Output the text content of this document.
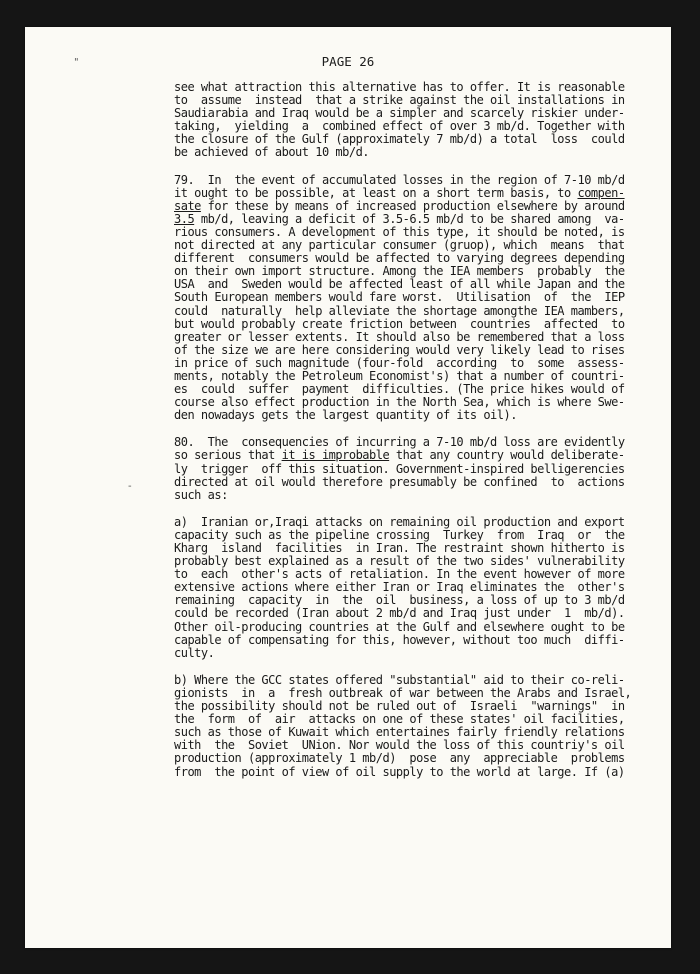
PAGE 26
"
-
see what attraction this alternative has to offer. It is reasonable
to  assume  instead  that a strike against the oil installations in
Saudiarabia and Iraq would be a simpler and scarcely riskier under-
taking,  yielding  a  combined effect of over 3 mb/d. Together with
the closure of the Gulf (approximately 7 mb/d) a total  loss  could
be achieved of about 10 mb/d.
79.  In  the event of accumulated losses in the region of 7-10 mb/d
it ought to be possible, at least on a short term basis, to compen-
sate for these by means of increased production elsewhere by around
3.5 mb/d, leaving a deficit of 3.5-6.5 mb/d to be shared among  va-
rious consumers. A development of this type, it should be noted, is
not directed at any particular consumer (gruop), which  means  that
different  consumers would be affected to varying degrees depending
on their own import structure. Among the IEA members  probably  the
USA  and  Sweden would be affected least of all while Japan and the
South European members would fare worst.  Utilisation  of  the  IEP
could  naturally  help alleviate the shortage amongthe IEA mambers,
but would probably create friction between  countries  affected  to
greater or lesser extents. It should also be remembered that a loss
of the size we are here considering would very likely lead to rises
in price of such magnitude (four-fold  according  to  some  assess-
ments, notably the Petroleum Economist's) that a number of countri-
es  could  suffer  payment  difficulties. (The price hikes would of
course also effect production in the North Sea, which is where Swe-
den nowadays gets the largest quantity of its oil).
80.  The  consequencies of incurring a 7-10 mb/d loss are evidently
so serious that it is improbable that any country would deliberate-
ly  trigger  off this situation. Government-inspired belligerencies
directed at oil would therefore presumably be confined  to  actions
such as:
a)  Iranian or,Iraqi attacks on remaining oil production and export
capacity such as the pipeline crossing  Turkey  from  Iraq  or  the
Kharg  island  facilities  in Iran. The restraint shown hitherto is
probably best explained as a result of the two sides' vulnerability
to  each  other's acts of retaliation. In the event however of more
extensive actions where either Iran or Iraq eliminates the  other's
remaining  capacity  in  the  oil  business, a loss of up to 3 mb/d
could be recorded (Iran about 2 mb/d and Iraq just under  1  mb/d).
Other oil-producing countries at the Gulf and elsewhere ought to be
capable of compensating for this, however, without too much  diffi-
culty.
b) Where the GCC states offered "substantial" aid to their co-reli-
gionists  in  a  fresh outbreak of war between the Arabs and Israel,
the possibility should not be ruled out of  Israeli  "warnings"  in
the  form  of  air  attacks on one of these states' oil facilities,
such as those of Kuwait which entertaines fairly friendly relations
with  the  Soviet  UNion. Nor would the loss of this countriy's oil
production (approximately 1 mb/d)  pose  any  appreciable  problems
from  the point of view of oil supply to the world at large. If (a)
